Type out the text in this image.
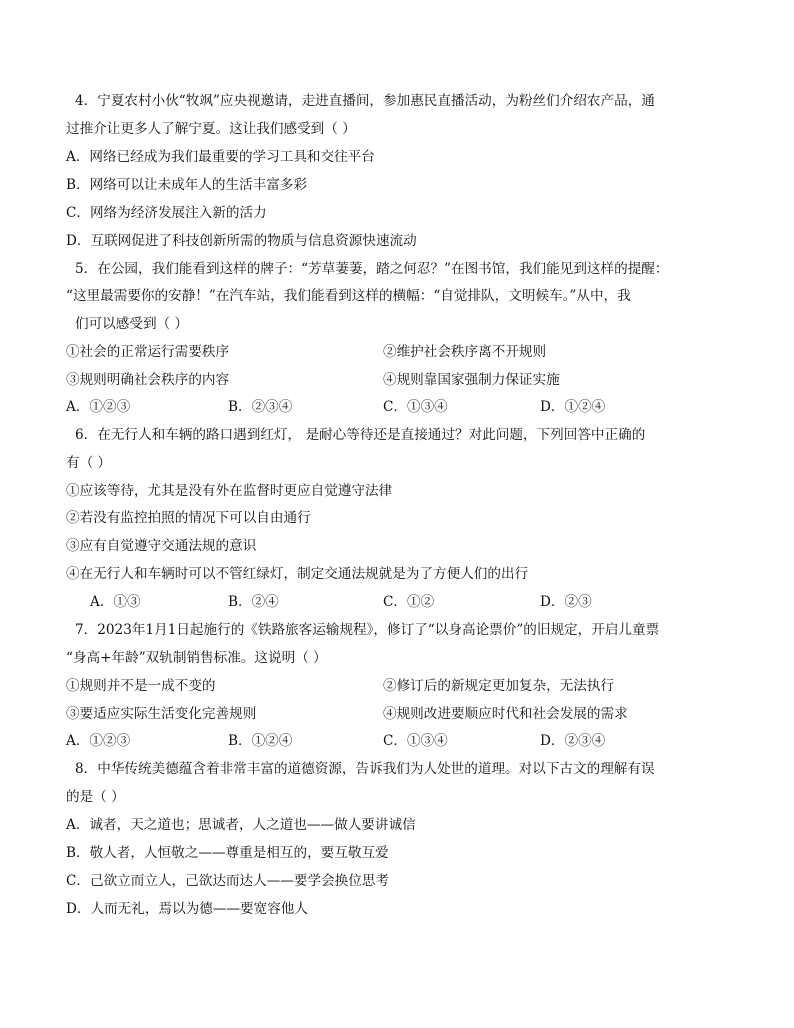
4．宁夏农村小伙“牧飒”应央视邀请，走进直播间，参加惠民直播活动，为粉丝们介绍农产品，通
过推介让更多人了解宁夏。这让我们感受到（ ）
A．网络已经成为我们最重要的学习工具和交往平台
B．网络可以让未成年人的生活丰富多彩
C．网络为经济发展注入新的活力
D．互联网促进了科技创新所需的物质与信息资源快速流动
5．在公园，我们能看到这样的牌子：“芳草萋萋，踏之何忍？”在图书馆，我们能见到这样的提醒：
“这里最需要你的安静！”在汽车站，我们能看到这样的横幅：“自觉排队，文明候车。”从中，我
们可以感受到（ ）
①社会的正常运行需要秩序	②维护社会秩序离不开规则
③规则明确社会秩序的内容	④规则靠国家强制力保证实施
A．①②③	B．②③④	C．①③④	D．①②④
6．在无行人和车辆的路口遇到红灯， 是耐心等待还是直接通过？对此问题，下列回答中正确的
有（ ）
①应该等待，尤其是没有外在监督时更应自觉遵守法律
②若没有监控拍照的情况下可以自由通行
③应有自觉遵守交通法规的意识
④在无行人和车辆时可以不管红绿灯，制定交通法规就是为了方便人们的出行
A．①③	B．②④	C．①②	D．②③
7．2023年1月1日起施行的《铁路旅客运输规程》，修订了“以身高论票价”的旧规定，开启儿童票
“身高+年龄”双轨制销售标准。这说明（ ）
①规则并不是一成不变的	②修订后的新规定更加复杂，无法执行
③要适应实际生活变化完善规则	④规则改进要顺应时代和社会发展的需求
A．①②③	B．①②④	C．①③④	D．②③④
8．中华传统美德蕴含着非常丰富的道德资源，告诉我们为人处世的道理。对以下古文的理解有误
的是（ ）
A．诚者，天之道也；思诚者，人之道也——做人要讲诚信
B．敬人者，人恒敬之——尊重是相互的，要互敬互爱
C．己欲立而立人，己欲达而达人——要学会换位思考
D．人而无礼，焉以为德——要宽容他人
